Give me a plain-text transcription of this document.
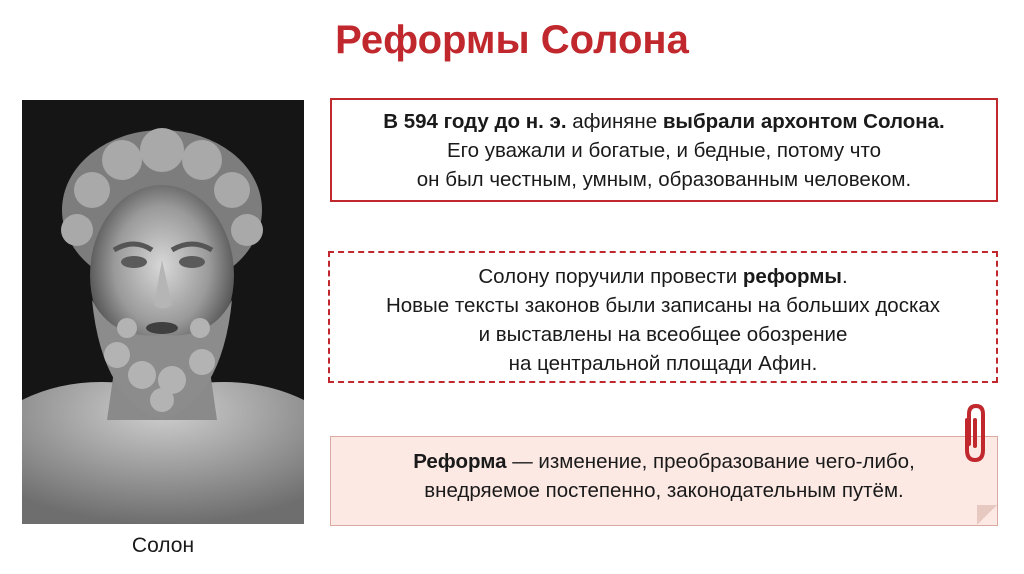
Реформы Солона
Солон
В 594 году до н. э. афиняне выбрали архонтом Солона.
Его уважали и богатые, и бедные, потому что
он был честным, умным, образованным человеком.
Солону поручили провести реформы.
Новые тексты законов были записаны на больших досках
и выставлены на всеобщее обозрение
на центральной площади Афин.
Реформа — изменение, преобразование чего-либо,
внедряемое постепенно, законодательным путём.
